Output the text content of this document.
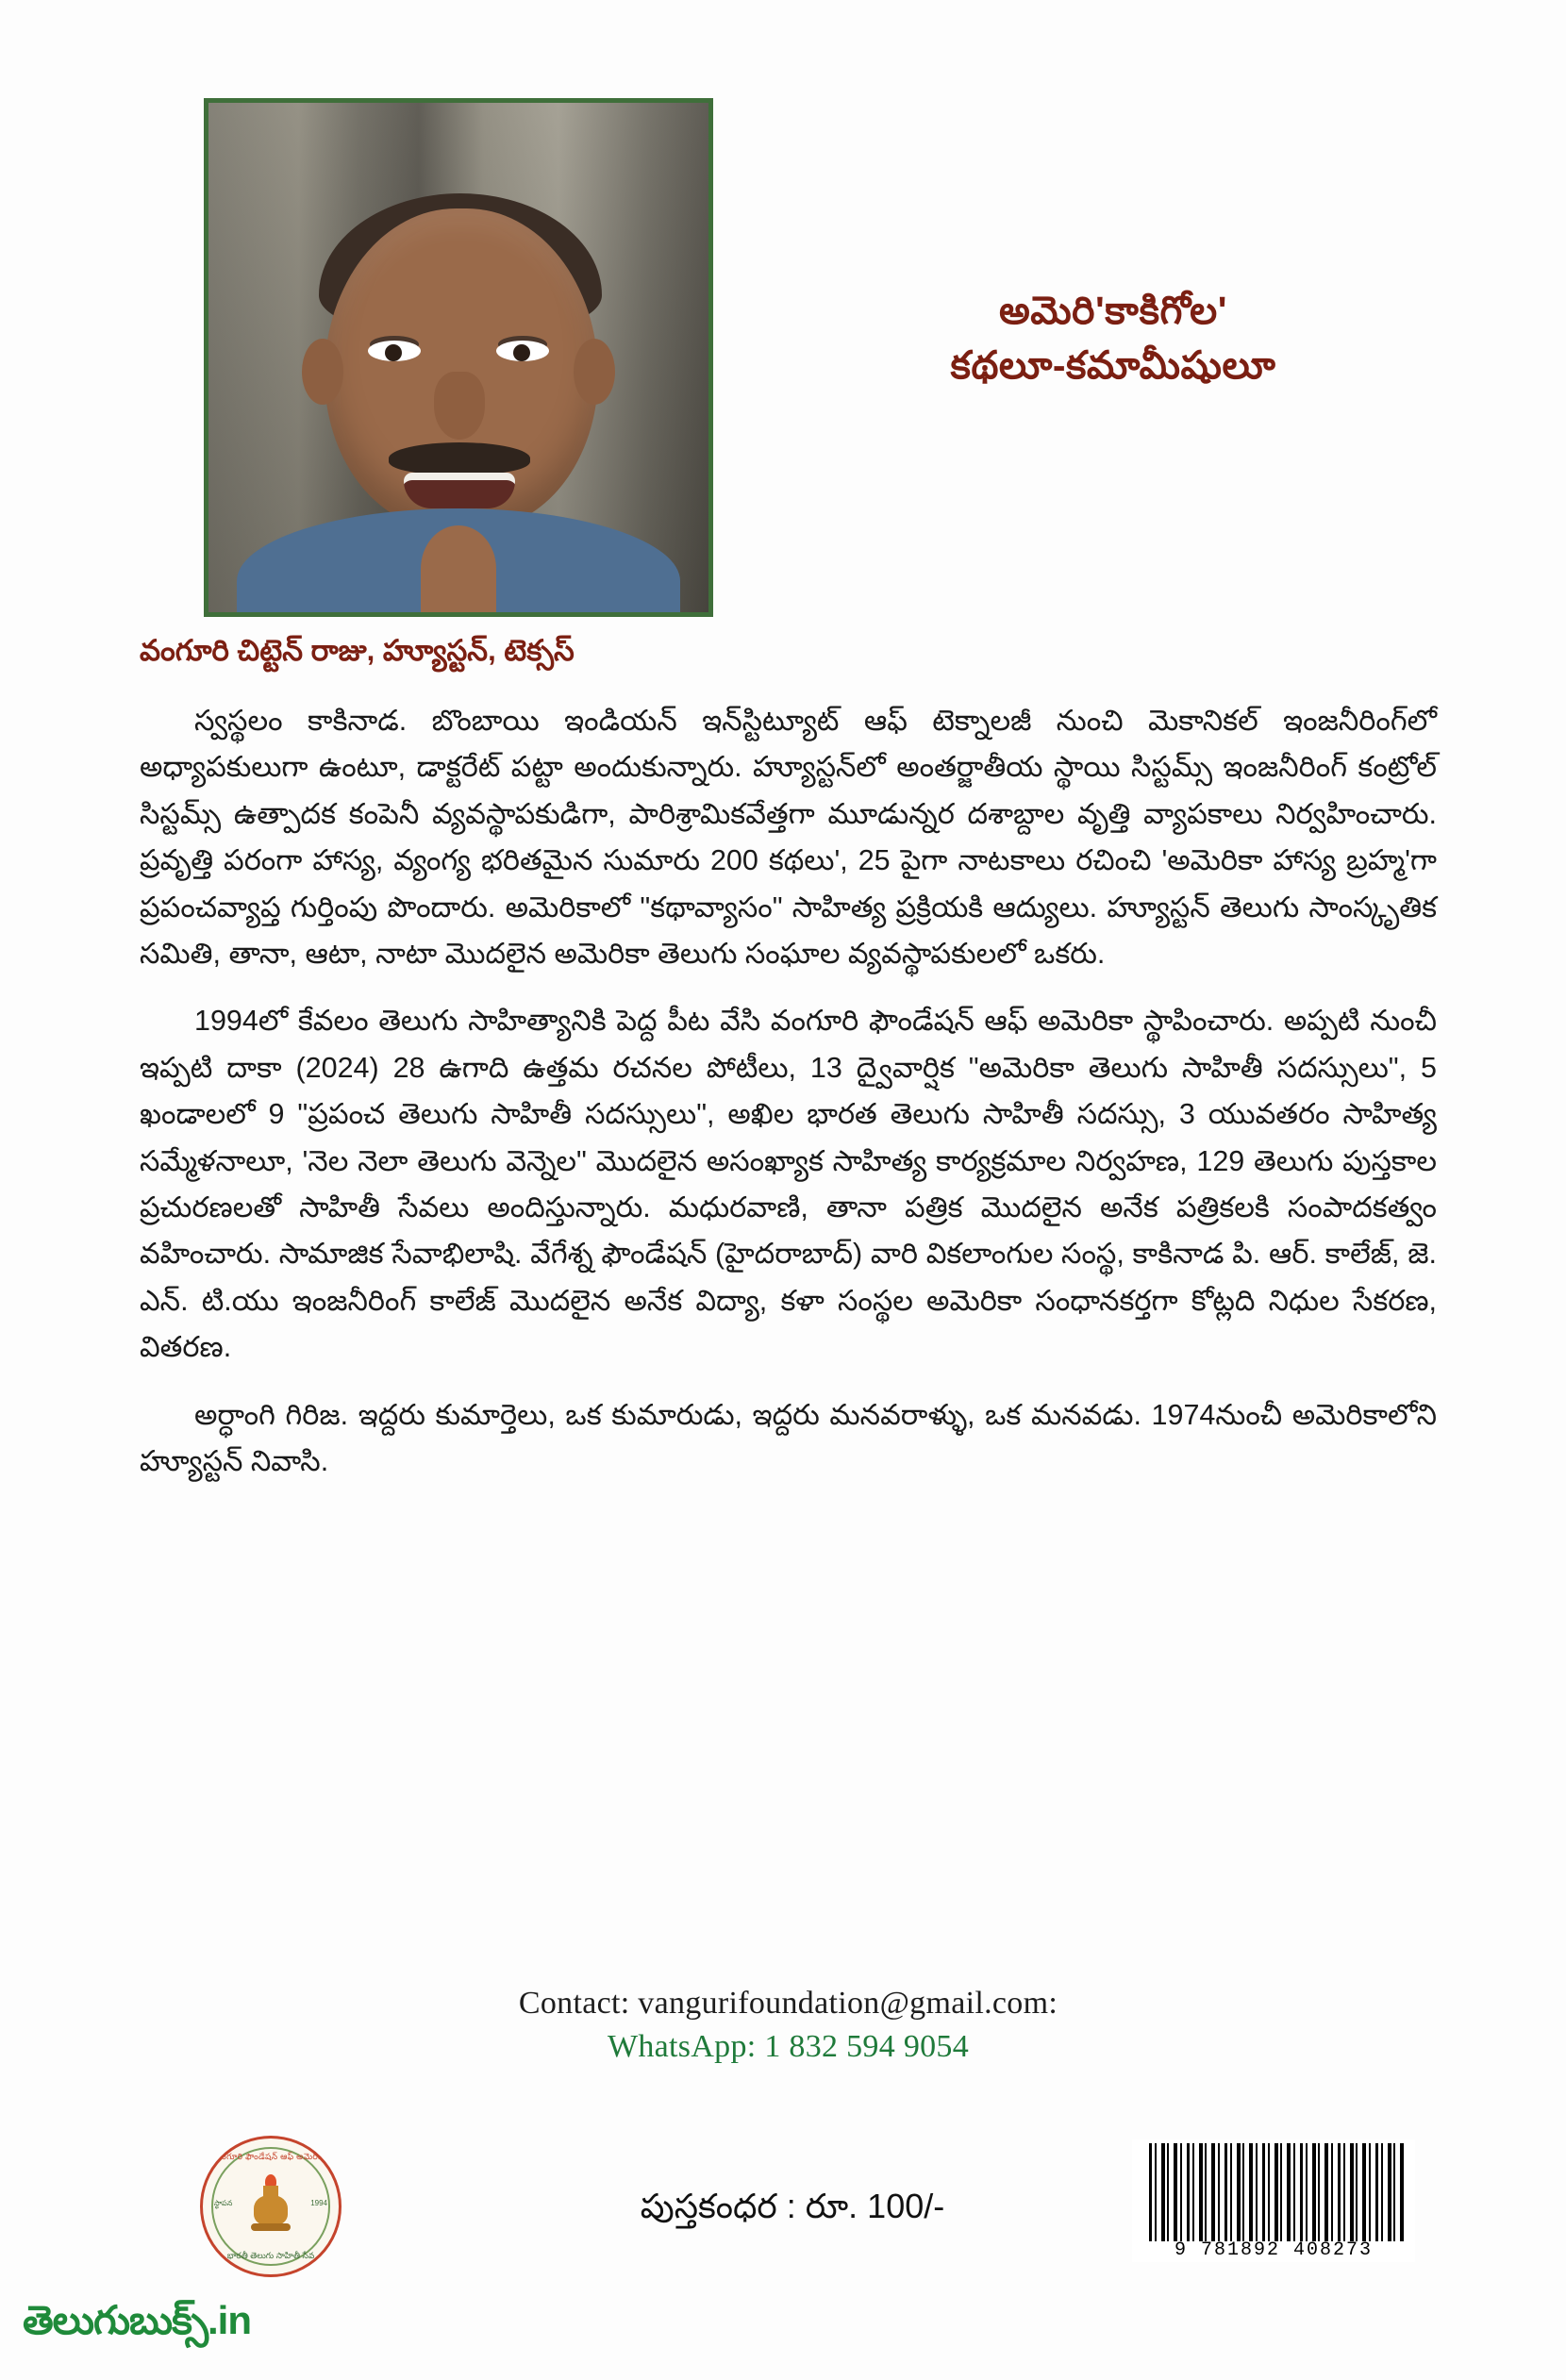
అమెరి'కాకిగోల'
కథలూ-కమామీషులూ
వంగూరి చిట్టెన్ రాజు, హ్యూస్టన్, టెక్సస్

స్వస్థలం కాకినాడ. బొంబాయి ఇండియన్ ఇన్‌స్టిట్యూట్ ఆఫ్ టెక్నాలజీ నుంచి మెకానికల్ ఇంజనీరింగ్‌లో అధ్యాపకులుగా ఉంటూ, డాక్టరేట్ పట్టా అందుకున్నారు. హ్యూస్టన్‌లో అంతర్జాతీయ స్థాయి సిస్టమ్స్ ఇంజనీరింగ్ కంట్రోల్ సిస్టమ్స్ ఉత్పాదక కంపెనీ వ్యవస్థాపకుడిగా, పారిశ్రామికవేత్తగా మూడున్నర దశాబ్దాల వృత్తి వ్యాపకాలు నిర్వహించారు. ప్రవృత్తి పరంగా హాస్య, వ్యంగ్య భరితమైన సుమారు 200 కథలు', 25 పైగా నాటకాలు రచించి 'అమెరికా హాస్య బ్రహ్మ'గా ప్రపంచవ్యాప్త గుర్తింపు పొందారు. అమెరికాలో "కథావ్యాసం" సాహిత్య ప్రక్రియకి ఆద్యులు. హ్యూస్టన్ తెలుగు సాంస్కృతిక సమితి, తానా, ఆటా, నాటా మొదలైన అమెరికా తెలుగు సంఘాల వ్యవస్థాపకులలో ఒకరు.

1994లో కేవలం తెలుగు సాహిత్యానికి పెద్ద పీట వేసి వంగూరి ఫౌండేషన్ ఆఫ్ అమెరికా స్థాపించారు. అప్పటి నుంచీ ఇప్పటి దాకా (2024) 28 ఉగాది ఉత్తమ రచనల పోటీలు, 13 ద్వైవార్షిక "అమెరికా తెలుగు సాహితీ సదస్సులు", 5 ఖండాలలో 9 "ప్రపంచ తెలుగు సాహితీ సదస్సులు", అఖిల భారత తెలుగు సాహితీ సదస్సు, 3 యువతరం సాహిత్య సమ్మేళనాలూ, 'నెల నెలా తెలుగు వెన్నెల" మొదలైన అసంఖ్యాక సాహిత్య కార్యక్రమాల నిర్వహణ, 129 తెలుగు పుస్తకాల ప్రచురణలతో సాహితీ సేవలు అందిస్తున్నారు. మధురవాణి, తానా పత్రిక మొదలైన అనేక పత్రికలకి సంపాదకత్వం వహించారు. సామాజిక సేవాభిలాషి. వేగేశ్న ఫౌండేషన్ (హైదరాబాద్) వారి వికలాంగుల సంస్థ, కాకినాడ పి. ఆర్. కాలేజ్, జె. ఎన్. టి.యు ఇంజనీరింగ్ కాలేజ్ మొదలైన అనేక విద్యా, కళా సంస్థల అమెరికా సంధానకర్తగా కోట్లది నిధుల సేకరణ, వితరణ.

అర్ధాంగి గిరిజ. ఇద్దరు కుమార్తెలు, ఒక కుమారుడు, ఇద్దరు మనవరాళ్ళు, ఒక మనవడు. 1974నుంచీ అమెరికాలోని హ్యూస్టన్ నివాసి.

Contact: vangurifoundation@gmail.com:
WhatsApp: 1 832 594 9054
వంగూరి ఫౌండేషన్ ఆఫ్ అమెరికా
స్థాపన	1994
భారతీ తెలుగు సాహితీ సేవ
పుస్తకంధర : రూ. 100/-
9 781892 408273
తెలుగుబుక్స్.in
